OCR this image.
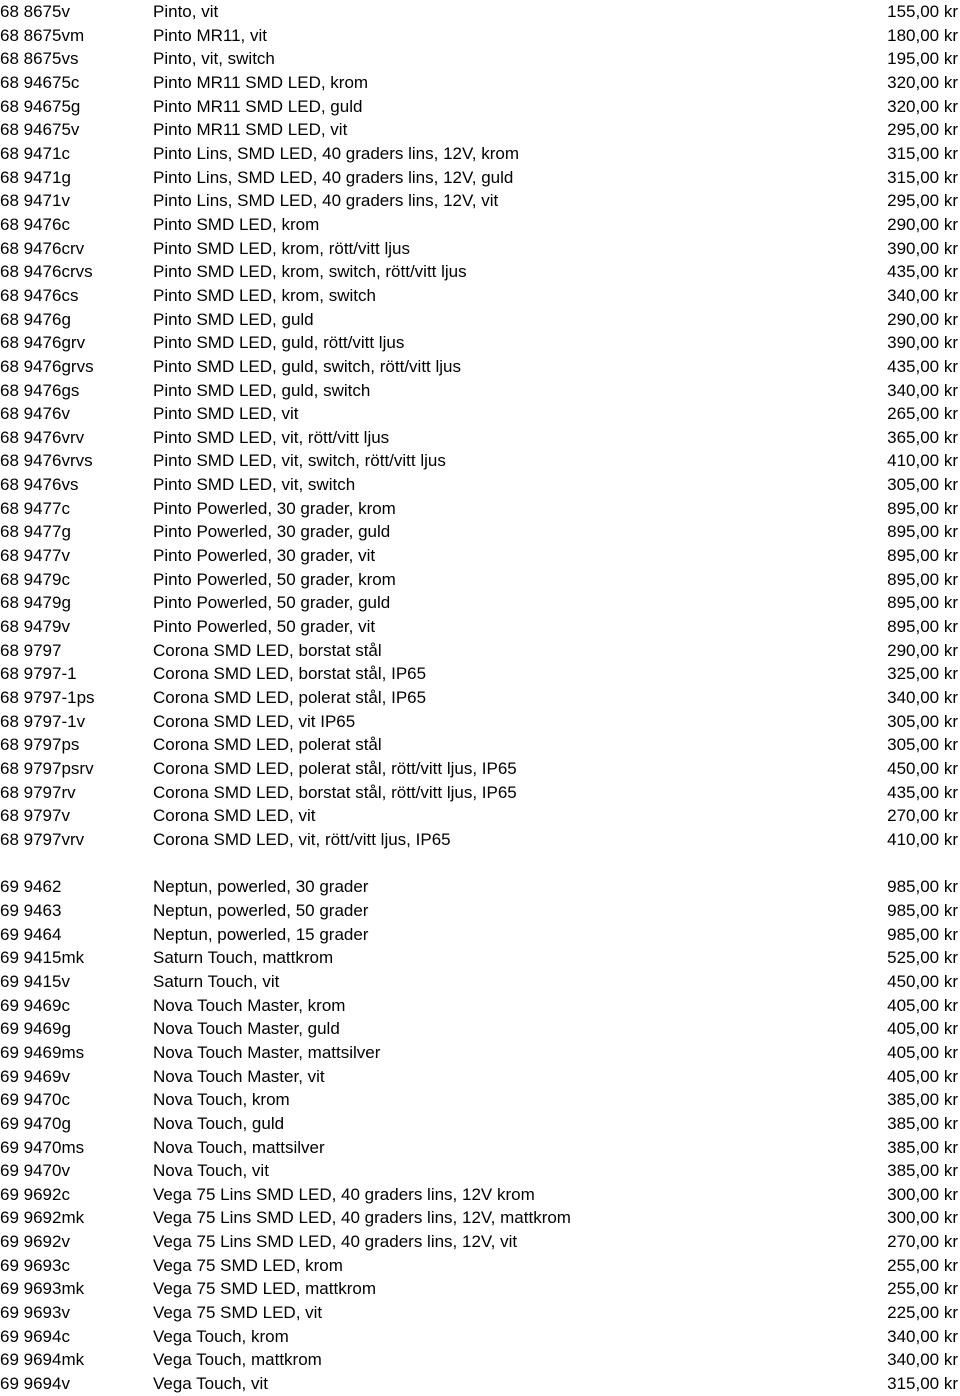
68 8675v	Pinto, vit	155,00 kr
68 8675vm	Pinto MR11, vit	180,00 kr
68 8675vs	Pinto, vit, switch	195,00 kr
68 94675c	Pinto MR11 SMD LED, krom	320,00 kr
68 94675g	Pinto MR11 SMD LED, guld	320,00 kr
68 94675v	Pinto MR11 SMD LED, vit	295,00 kr
68 9471c	Pinto Lins, SMD LED, 40 graders lins, 12V, krom	315,00 kr
68 9471g	Pinto Lins, SMD LED, 40 graders lins, 12V, guld	315,00 kr
68 9471v	Pinto Lins, SMD LED, 40 graders lins, 12V, vit	295,00 kr
68 9476c	Pinto SMD LED, krom	290,00 kr
68 9476crv	Pinto SMD LED, krom, rött/vitt ljus	390,00 kr
68 9476crvs	Pinto SMD LED, krom, switch, rött/vitt ljus	435,00 kr
68 9476cs	Pinto SMD LED, krom, switch	340,00 kr
68 9476g	Pinto SMD LED, guld	290,00 kr
68 9476grv	Pinto SMD LED, guld, rött/vitt ljus	390,00 kr
68 9476grvs	Pinto SMD LED, guld, switch, rött/vitt ljus	435,00 kr
68 9476gs	Pinto SMD LED, guld, switch	340,00 kr
68 9476v	Pinto SMD LED, vit	265,00 kr
68 9476vrv	Pinto SMD LED, vit, rött/vitt ljus	365,00 kr
68 9476vrvs	Pinto SMD LED, vit, switch, rött/vitt ljus	410,00 kr
68 9476vs	Pinto SMD LED, vit, switch	305,00 kr
68 9477c	Pinto Powerled, 30 grader, krom	895,00 kr
68 9477g	Pinto Powerled, 30 grader, guld	895,00 kr
68 9477v	Pinto Powerled, 30 grader, vit	895,00 kr
68 9479c	Pinto Powerled, 50 grader, krom	895,00 kr
68 9479g	Pinto Powerled, 50 grader, guld	895,00 kr
68 9479v	Pinto Powerled, 50 grader, vit	895,00 kr
68 9797	Corona SMD LED, borstat stål	290,00 kr
68 9797-1	Corona SMD LED, borstat stål, IP65	325,00 kr
68 9797-1ps	Corona SMD LED, polerat stål, IP65	340,00 kr
68 9797-1v	Corona SMD LED, vit IP65	305,00 kr
68 9797ps	Corona SMD LED, polerat stål	305,00 kr
68 9797psrv	Corona SMD LED, polerat stål, rött/vitt ljus, IP65	450,00 kr
68 9797rv	Corona SMD LED, borstat stål, rött/vitt ljus, IP65	435,00 kr
68 9797v	Corona SMD LED, vit	270,00 kr
68 9797vrv	Corona SMD LED, vit, rött/vitt ljus, IP65	410,00 kr
69 9462	Neptun, powerled, 30 grader	985,00 kr
69 9463	Neptun, powerled, 50 grader	985,00 kr
69 9464	Neptun, powerled, 15 grader	985,00 kr
69 9415mk	Saturn Touch, mattkrom	525,00 kr
69 9415v	Saturn Touch, vit	450,00 kr
69 9469c	Nova Touch Master, krom	405,00 kr
69 9469g	Nova Touch Master, guld	405,00 kr
69 9469ms	Nova Touch Master, mattsilver	405,00 kr
69 9469v	Nova Touch Master, vit	405,00 kr
69 9470c	Nova Touch, krom	385,00 kr
69 9470g	Nova Touch, guld	385,00 kr
69 9470ms	Nova Touch, mattsilver	385,00 kr
69 9470v	Nova Touch, vit	385,00 kr
69 9692c	Vega 75 Lins SMD LED, 40 graders lins, 12V krom	300,00 kr
69 9692mk	Vega 75 Lins SMD LED, 40 graders lins, 12V, mattkrom	300,00 kr
69 9692v	Vega 75 Lins SMD LED, 40 graders lins, 12V, vit	270,00 kr
69 9693c	Vega 75 SMD LED, krom	255,00 kr
69 9693mk	Vega 75 SMD LED, mattkrom	255,00 kr
69 9693v	Vega 75 SMD LED, vit	225,00 kr
69 9694c	Vega Touch, krom	340,00 kr
69 9694mk	Vega Touch, mattkrom	340,00 kr
69 9694v	Vega Touch, vit	315,00 kr
